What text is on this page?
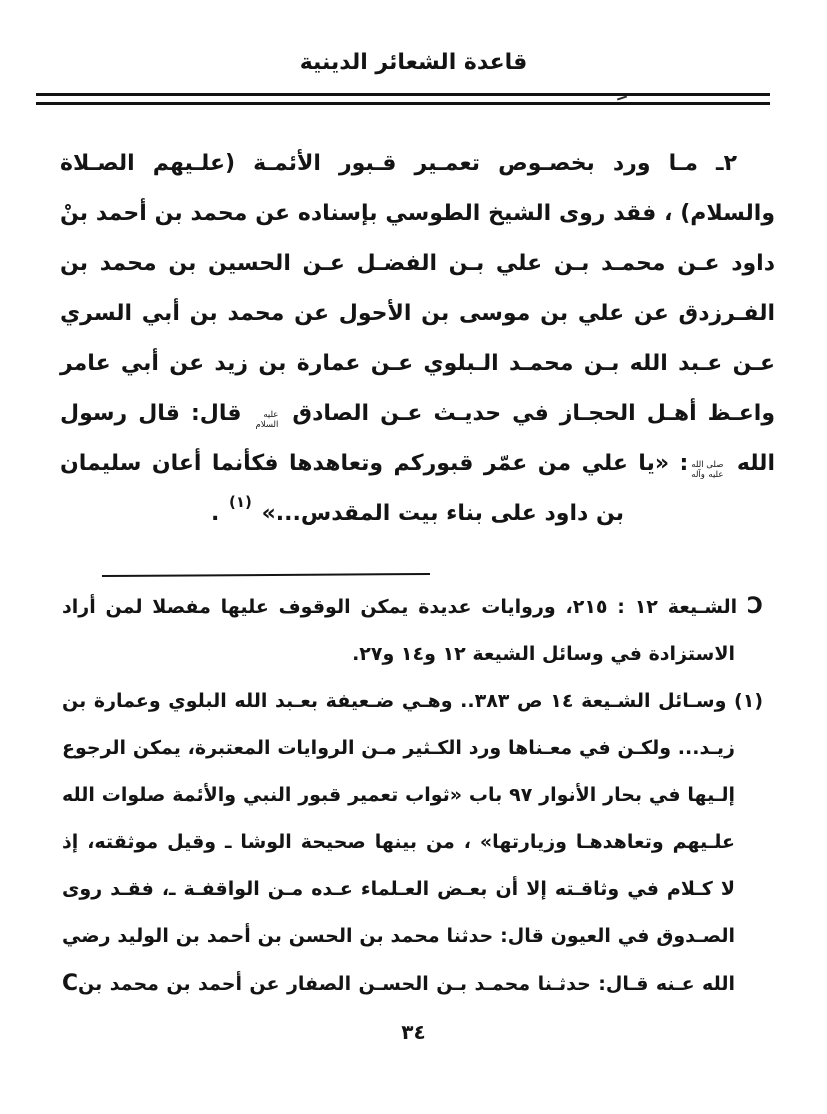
قاعدة الشعائر الدينية
٢ـ مـا ورد بخصـوص تعمـير قـبور الأئمـة (علـيهم الصـلاة
والسلام) ، فقد روى الشيخ الطوسي بإسناده عن محمد بن أحمد بنْ
داود عـن محمـد بـن علي بـن الفضـل عـن الحسين بن محمد بن
الفـرزدق عن علي بن موسى بن الأحول عن محمد بن أبي السري
عـن عـبد الله بـن محمـد الـبلوي عـن عمارة بن زيد عن أبي عامر
واعـظ أهـل الحجـاز في حديـث عـن الصادق
عليه
السلام
قال: قال رسول
الله
صلى الله
عليه وآله
: «يا علي من عمّر قبوركم وتعاهدها فكأنما أعان سليمان
بن داود على بناء بيت المقدس...» (١) .
Ɔ الشـيعة ١٢ : ٢١٥، وروايات عديدة يمكن الوقوف عليها مفصلا لمن أراد
الاستزادة في وسائل الشيعة ١٢ و١٤ و٢٧.
(١) وسـائل الشـيعة ١٤ ص ٣٨٣.. وهـي ضـعيفة بعـبد الله البلوي وعمارة بن
زيـد... ولكـن في معـناها ورد الكـثير مـن الروايات المعتبرة، يمكن الرجوع
إلـيها في بحار الأنوار ٩٧ باب «ثواب تعمير قبور النبي والأئمة صلوات الله
علـيهم وتعاهدهـا وزيارتها» ، من بينها صحيحة الوشا ـ وقيل موثقته، إذ
لا كـلام في وثاقـته إلا أن بعـض العـلماء عـده مـن الواقفـة ـ، فقـد روى
الصـدوق في العيون قال: حدثنا محمد بن الحسن بن أحمد بن الوليد رضي
الله عـنه قـال: حدثـنا محمـد بـن الحسـن الصفار عن أحمد بن محمد بنC
٣٤
